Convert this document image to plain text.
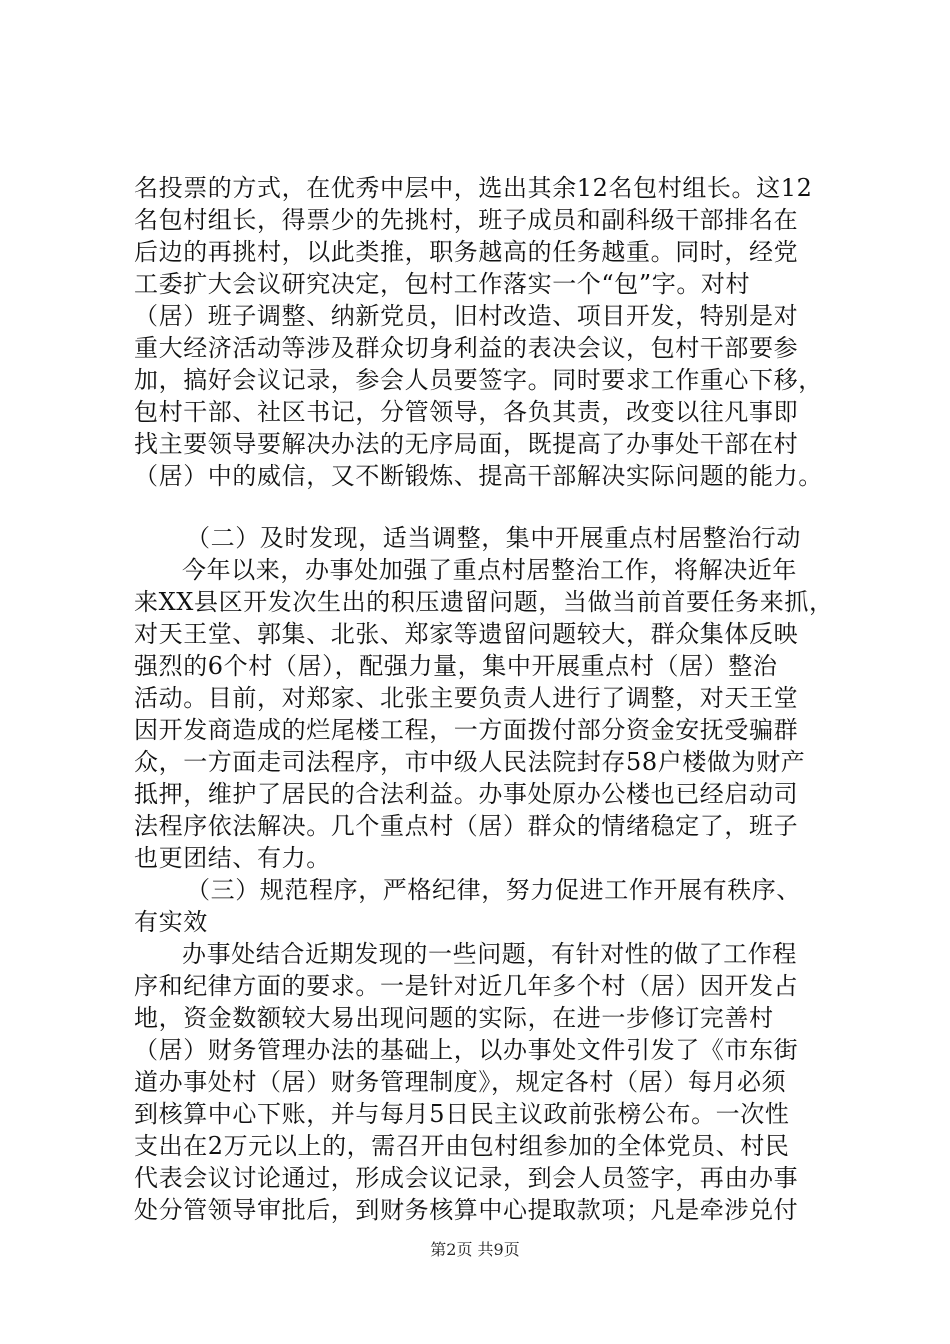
名投票的方式，在优秀中层中，选出其余12名包村组长。这12
名包村组长，得票少的先挑村，班子成员和副科级干部排名在
后边的再挑村，以此类推，职务越高的任务越重。同时，经党
工委扩大会议研究决定，包村工作落实一个“包”字。对村
（居）班子调整、纳新党员，旧村改造、项目开发，特别是对
重大经济活动等涉及群众切身利益的表决会议，包村干部要参
加，搞好会议记录，参会人员要签字。同时要求工作重心下移，
包村干部、社区书记，分管领导，各负其责，改变以往凡事即
找主要领导要解决办法的无序局面，既提高了办事处干部在村
（居）中的威信，又不断锻炼、提高干部解决实际问题的能力。
（二）及时发现，适当调整，集中开展重点村居整治行动
今年以来，办事处加强了重点村居整治工作，将解决近年
来XX县区开发次生出的积压遗留问题，当做当前首要任务来抓，
对天王堂、郭集、北张、郑家等遗留问题较大，群众集体反映
强烈的6个村（居），配强力量，集中开展重点村（居）整治
活动。目前，对郑家、北张主要负责人进行了调整，对天王堂
因开发商造成的烂尾楼工程，一方面拨付部分资金安抚受骗群
众，一方面走司法程序，市中级人民法院封存58户楼做为财产
抵押，维护了居民的合法利益。办事处原办公楼也已经启动司
法程序依法解决。几个重点村（居）群众的情绪稳定了，班子
也更团结、有力。
（三）规范程序，严格纪律，努力促进工作开展有秩序、
有实效
办事处结合近期发现的一些问题，有针对性的做了工作程
序和纪律方面的要求。一是针对近几年多个村（居）因开发占
地，资金数额较大易出现问题的实际，在进一步修订完善村
（居）财务管理办法的基础上，以办事处文件引发了《市东街
道办事处村（居）财务管理制度》，规定各村（居）每月必须
到核算中心下账，并与每月5日民主议政前张榜公布。一次性
支出在2万元以上的，需召开由包村组参加的全体党员、村民
代表会议讨论通过，形成会议记录，到会人员签字，再由办事
处分管领导审批后，到财务核算中心提取款项；凡是牵涉兑付
第2页 共9页
